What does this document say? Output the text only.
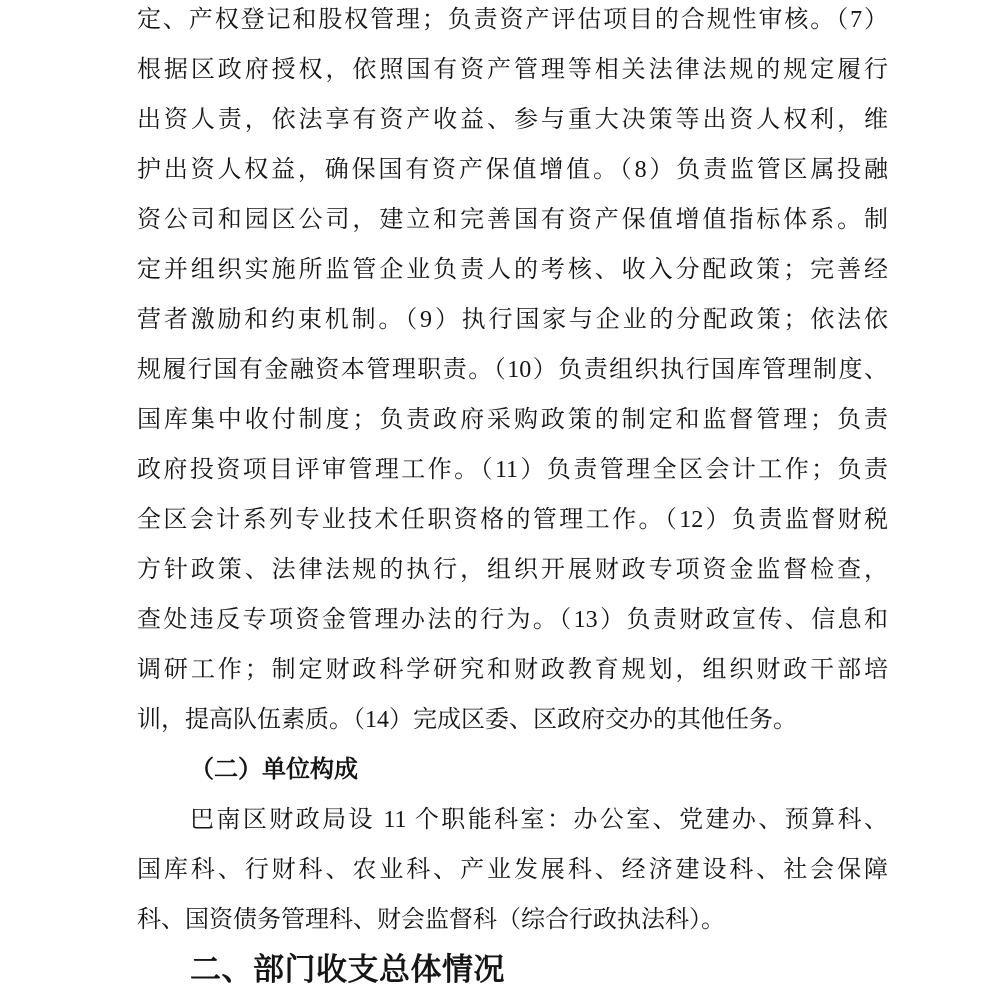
定、产权登记和股权管理；负责资产评估项目的合规性审核。（7）
根据区政府授权，依照国有资产管理等相关法律法规的规定履行
出资人责，依法享有资产收益、参与重大决策等出资人权利，维
护出资人权益，确保国有资产保值增值。（8）负责监管区属投融
资公司和园区公司，建立和完善国有资产保值增值指标体系。制
定并组织实施所监管企业负责人的考核、收入分配政策；完善经
营者激励和约束机制。（9）执行国家与企业的分配政策；依法依
规履行国有金融资本管理职责。（10）负责组织执行国库管理制度、
国库集中收付制度；负责政府采购政策的制定和监督管理；负责
政府投资项目评审管理工作。（11）负责管理全区会计工作；负责
全区会计系列专业技术任职资格的管理工作。（12）负责监督财税
方针政策、法律法规的执行，组织开展财政专项资金监督检查，
查处违反专项资金管理办法的行为。（13）负责财政宣传、信息和
调研工作；制定财政科学研究和财政教育规划，组织财政干部培
训，提高队伍素质。（14）完成区委、区政府交办的其他任务。
（二）单位构成
巴南区财政局设 11 个职能科室：办公室、党建办、预算科、
国库科、行财科、农业科、产业发展科、经济建设科、社会保障
科、国资债务管理科、财会监督科（综合行政执法科）。
二、部门收支总体情况
